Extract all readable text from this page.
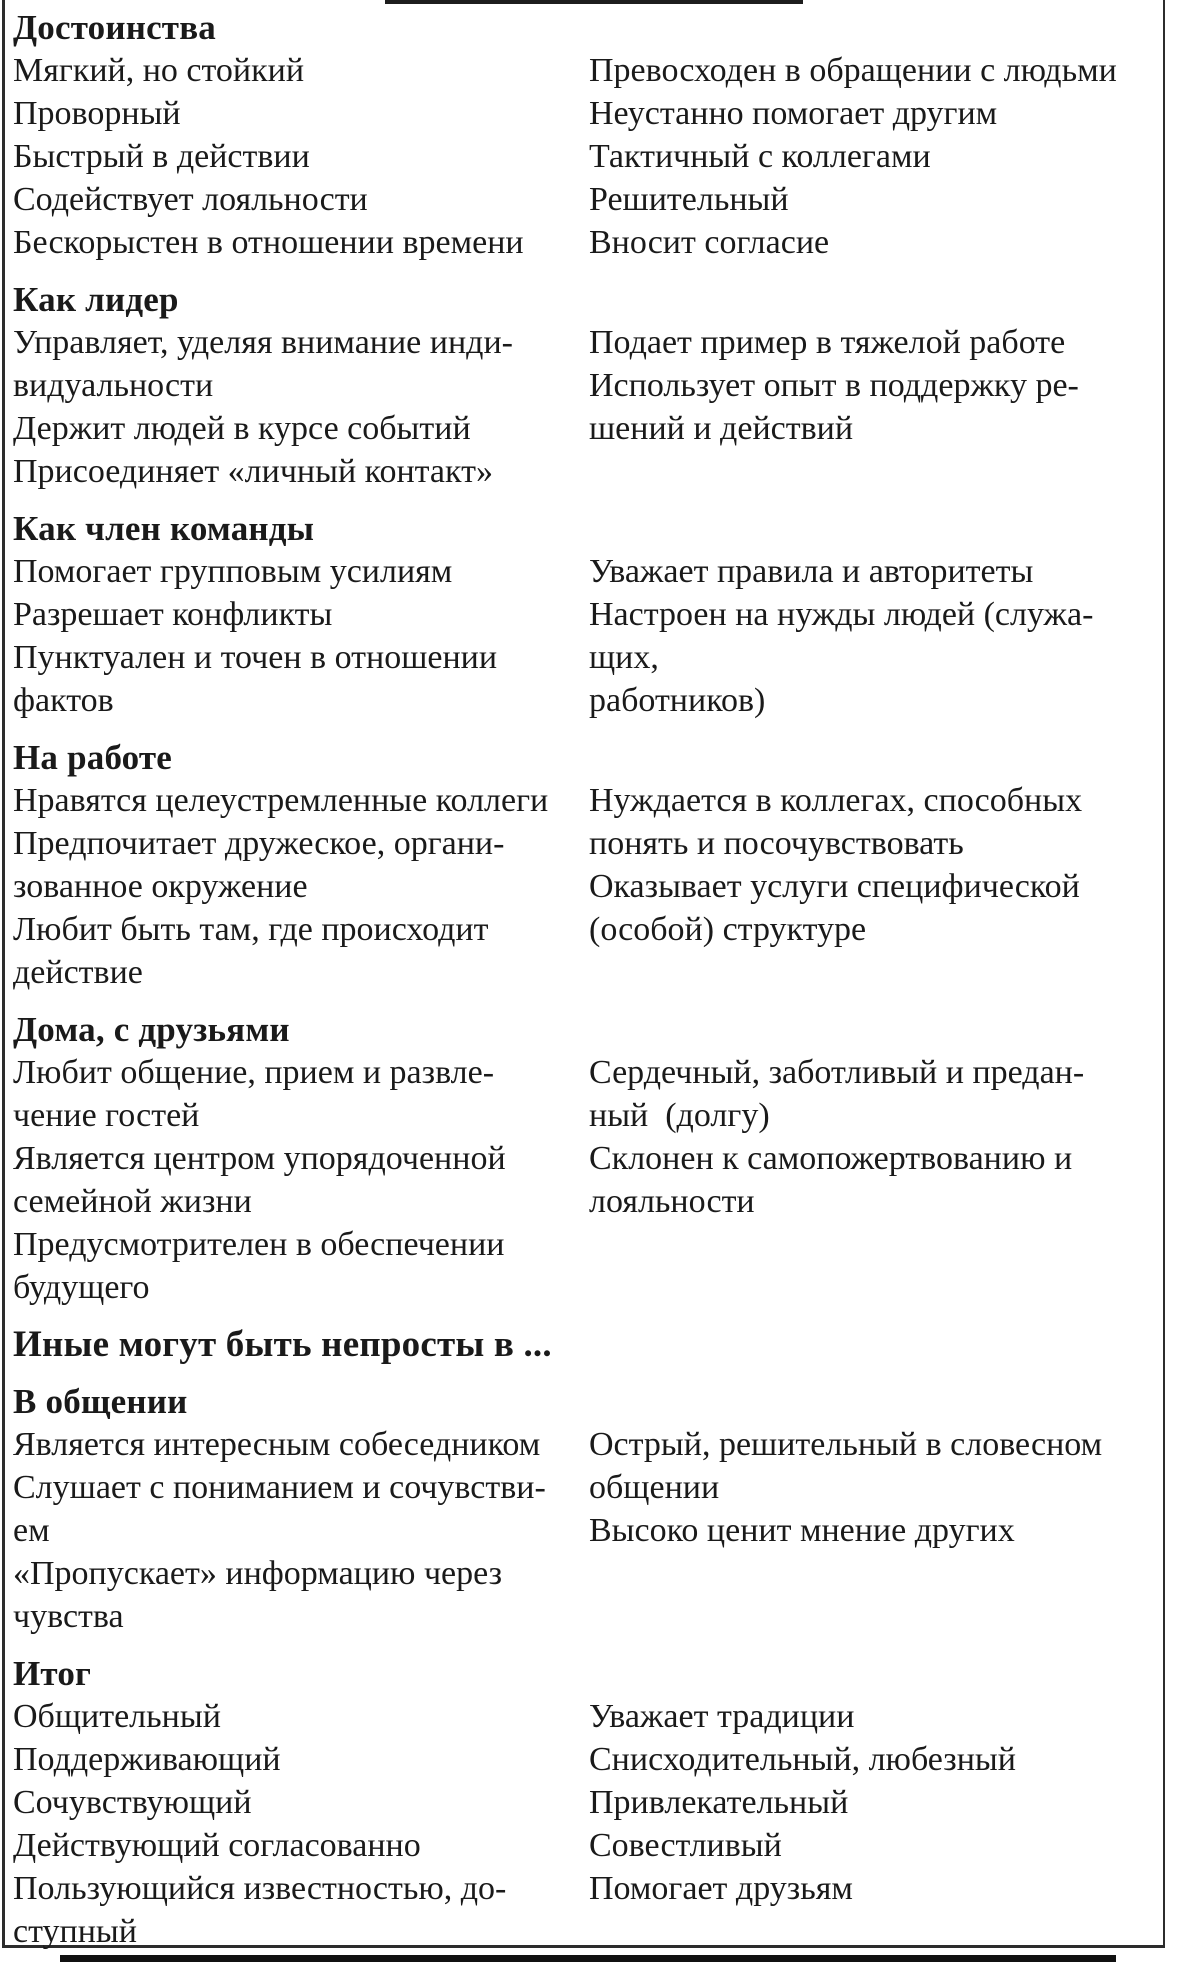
Достоинства

Мягкий, но стойкий

Проворный

Быстрый в действии

Содействует лояльности

Бескорыстен в отношении времени

Превосходен в обращении с людьми

Неустанно помогает другим

Тактичный с коллегами

Решительный

Вносит согласие

Как лидер

Управляет, уделяя внимание инди-

видуальности

Держит людей в курсе событий

Присоединяет «личный контакт»

Подает пример в тяжелой работе

Использует опыт в поддержку ре-

шений и действий

Как член команды

Помогает групповым усилиям

Разрешает конфликты

Пунктуален и точен в отношении

фактов

Уважает правила и авторитеты

Настроен на нужды людей (служа-

щих,

работников)

На работе

Нравятся целеустремленные коллеги

Предпочитает дружеское, органи-

зованное окружение

Любит быть там, где происходит

действие

Нуждается в коллегах, способных

понять и посочувствовать

Оказывает услуги специфической

(особой) структуре

Дома, с друзьями

Любит общение, прием и развле-

чение гостей

Является центром упорядоченной

семейной жизни

Предусмотрителен в обеспечении

будущего

Сердечный, заботливый и предан-

ный  (долгу)

Склонен к самопожертвованию и

лояльности

Иные могут быть непросты в ...
В общении

Является интересным собеседником

Слушает с пониманием и сочувстви-

ем

«Пропускает» информацию через

чувства

Острый, решительный в словесном

общении

Высоко ценит мнение других

Итог

Общительный

Поддерживающий

Сочувствующий

Действующий согласованно

Пользующийся известностью, до-

ступный

Уважает традиции

Снисходительный, любезный

Привлекательный

Совестливый

Помогает друзьям
